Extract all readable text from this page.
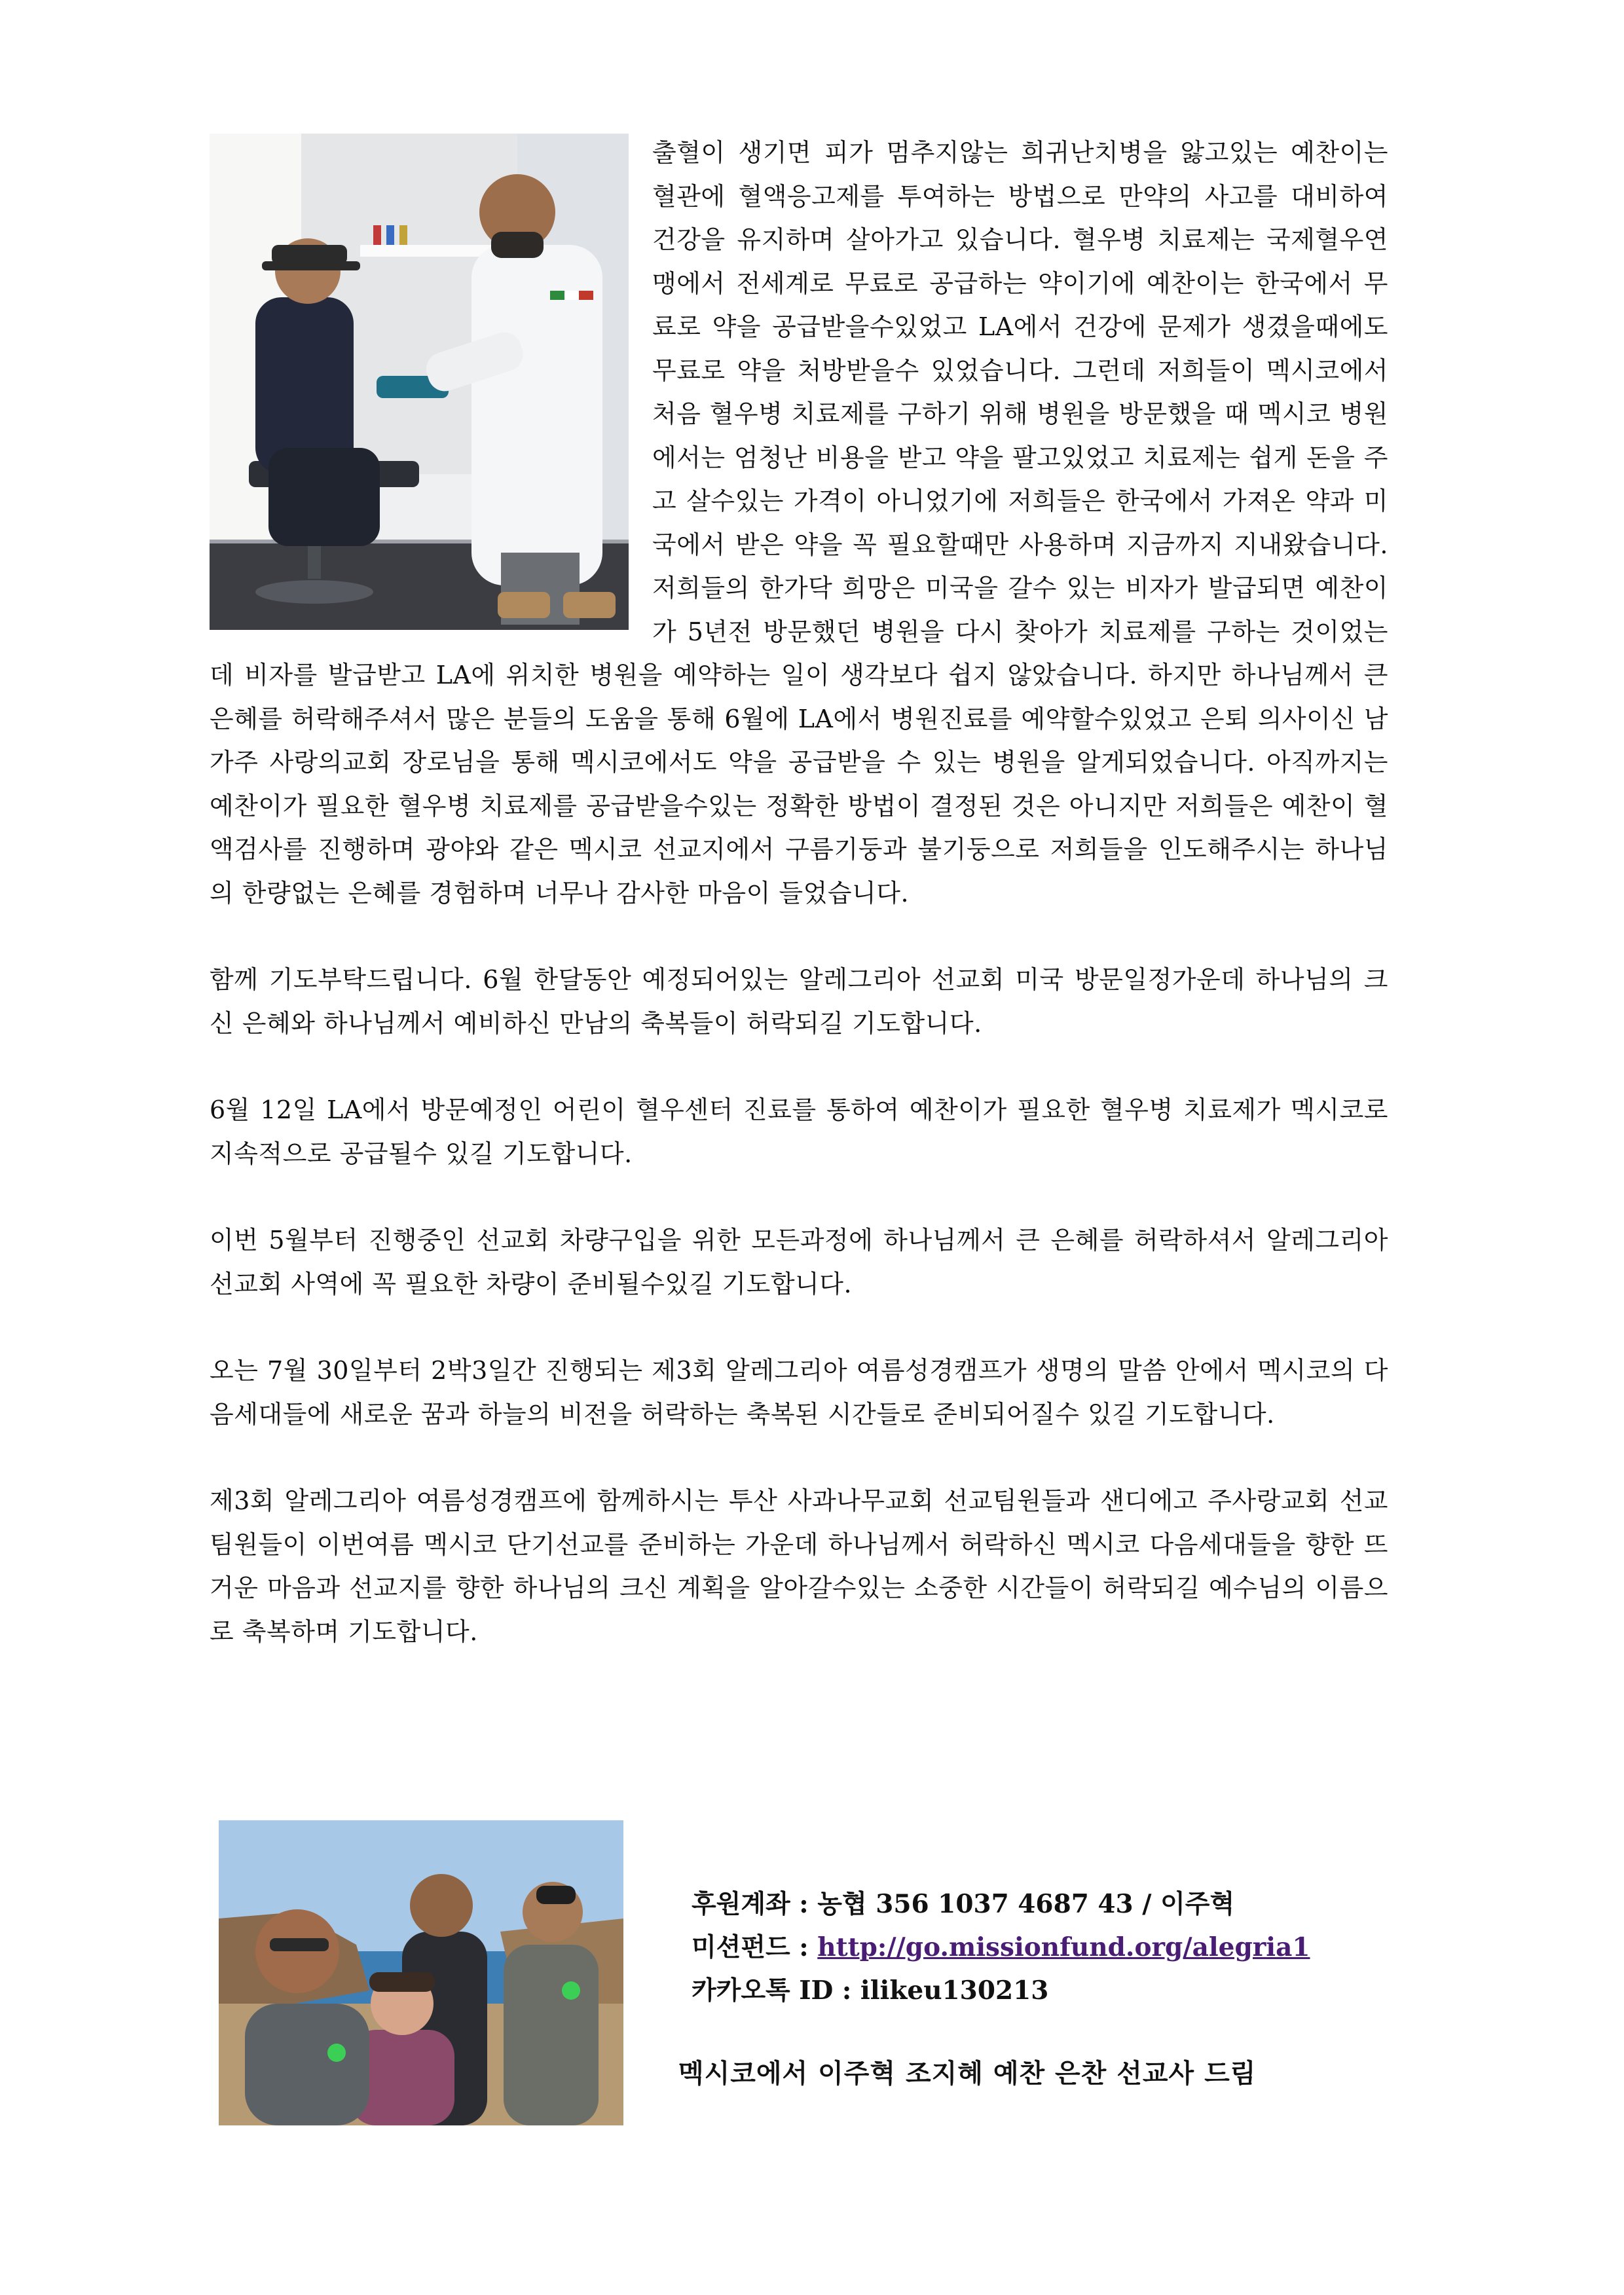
출혈이 생기면 피가 멈추지않는 희귀난치병을 앓고있는 예찬이는 혈관에 혈액응고제를 투여하는 방법으로 만약의 사고를 대비하여 건강을 유지하며 살아가고 있습니다. 혈우병 치료제는 국제혈우연맹에서 전세계로 무료로 공급하는 약이기에 예찬이는 한국에서 무료로 약을 공급받을수있었고 LA에서 건강에 문제가 생겼을때에도 무료로 약을 처방받을수 있었습니다. 그런데 저희들이 멕시코에서 처음 혈우병 치료제를 구하기 위해 병원을 방문했을 때 멕시코 병원에서는 엄청난 비용을 받고 약을 팔고있었고 치료제는 쉽게 돈을 주고 살수있는 가격이 아니었기에 저희들은 한국에서 가져온 약과 미국에서 받은 약을 꼭 필요할때만 사용하며 지금까지 지내왔습니다. 저희들의 한가닥 희망은 미국을 갈수 있는 비자가 발급되면 예찬이가 5년전 방문했던 병원을 다시 찾아가 치료제를 구하는 것이었는데 비자를 발급받고 LA에 위치한 병원을 예약하는 일이 생각보다 쉽지 않았습니다. 하지만 하나님께서 큰 은혜를 허락해주셔서 많은 분들의 도움을 통해 6월에 LA에서 병원진료를 예약할수있었고 은퇴 의사이신 남가주 사랑의교회 장로님을 통해 멕시코에서도 약을 공급받을 수 있는 병원을 알게되었습니다. 아직까지는 예찬이가 필요한 혈우병 치료제를 공급받을수있는 정확한 방법이 결정된 것은 아니지만 저희들은 예찬이 혈액검사를 진행하며 광야와 같은 멕시코 선교지에서 구름기둥과 불기둥으로 저희들을 인도해주시는 하나님의 한량없는 은혜를 경험하며 너무나 감사한 마음이 들었습니다.

함께 기도부탁드립니다. 6월 한달동안 예정되어있는 알레그리아 선교회 미국 방문일정가운데 하나님의 크신 은혜와 하나님께서 예비하신 만남의 축복들이 허락되길 기도합니다.

6월 12일 LA에서 방문예정인 어린이 혈우센터 진료를 통하여 예찬이가 필요한 혈우병 치료제가 멕시코로 지속적으로 공급될수 있길 기도합니다.

이번 5월부터 진행중인 선교회 차량구입을 위한 모든과정에 하나님께서 큰 은혜를 허락하셔서 알레그리아 선교회 사역에 꼭 필요한 차량이 준비될수있길 기도합니다.

오는 7월 30일부터 2박3일간 진행되는 제3회 알레그리아 여름성경캠프가 생명의 말씀 안에서 멕시코의 다음세대들에 새로운 꿈과 하늘의 비전을 허락하는 축복된 시간들로 준비되어질수 있길 기도합니다.

제3회 알레그리아 여름성경캠프에 함께하시는 투산 사과나무교회 선교팀원들과 샌디에고 주사랑교회 선교팀원들이 이번여름 멕시코 단기선교를 준비하는 가운데 하나님께서 허락하신 멕시코 다음세대들을 향한 뜨거운 마음과 선교지를 향한 하나님의 크신 계획을 알아갈수있는 소중한 시간들이 허락되길 예수님의 이름으로 축복하며 기도합니다.

후원계좌 : 농협 356 1037 4687 43 / 이주혁
미션펀드 : http://go.missionfund.org/alegria1
카카오톡 ID : ilikeu130213
멕시코에서 이주혁 조지혜 예찬 은찬 선교사 드림
